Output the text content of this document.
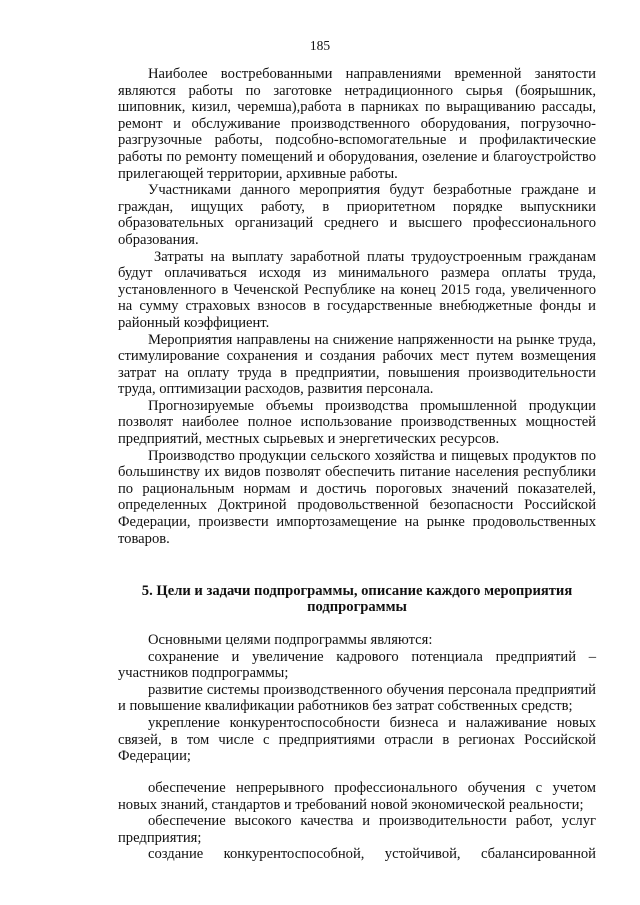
185

Наиболее востребованными направлениями временной занятости являются работы по заготовке нетрадиционного сырья (боярышник, шиповник, кизил, черемша),работа в парниках по выращиванию рассады, ремонт и обслуживание производственного оборудования, погрузочно-разгрузочные работы, подсобно-вспомогательные и профилактические работы по ремонту помещений и оборудования, озеление и благоустройство прилегающей территории, архивные работы.

Участниками данного мероприятия будут безработные граждане и граждан, ищущих работу, в приоритетном порядке выпускники образовательных организаций среднего и высшего профессионального образования.

Затраты на выплату заработной платы трудоустроенным гражданам будут оплачиваться исходя из минимального размера оплаты труда, установленного в Чеченской Республике на конец 2015 года, увеличенного на сумму страховых взносов в государственные внебюджетные фонды и районный коэффициент.

Мероприятия направлены на снижение напряженности на рынке труда, стимулирование сохранения и создания рабочих мест путем возмещения затрат на оплату труда в предприятии, повышения производительности труда, оптимизации расходов, развития персонала.

Прогнозируемые объемы производства промышленной продукции позволят наиболее полное использование производственных мощностей предприятий, местных сырьевых и энергетических ресурсов.

Производство продукции сельского хозяйства и пищевых продуктов по большинству их видов позволят обеспечить питание населения республики по рациональным нормам и достичь пороговых значений показателей, определенных Доктриной продовольственной безопасности Российской Федерации, произвести импортозамещение на рынке продовольственных товаров.

5. Цели и задачи подпрограммы, описание каждого мероприятия
подпрограммы

Основными целями подпрограммы являются:

сохранение и увеличение кадрового потенциала предприятий – участников подпрограммы;

развитие системы производственного обучения персонала предприятий и повышение квалификации работников без затрат собственных средств;

укрепление конкурентоспособности бизнеса и налаживание новых связей, в том числе с предприятиями отрасли в регионах Российской Федерации;

обеспечение непрерывного профессионального обучения с учетом новых знаний, стандартов и требований новой экономической реальности;

обеспечение высокого качества и производительности работ, услуг предприятия;

создание конкурентоспособной, устойчивой, сбалансированной
